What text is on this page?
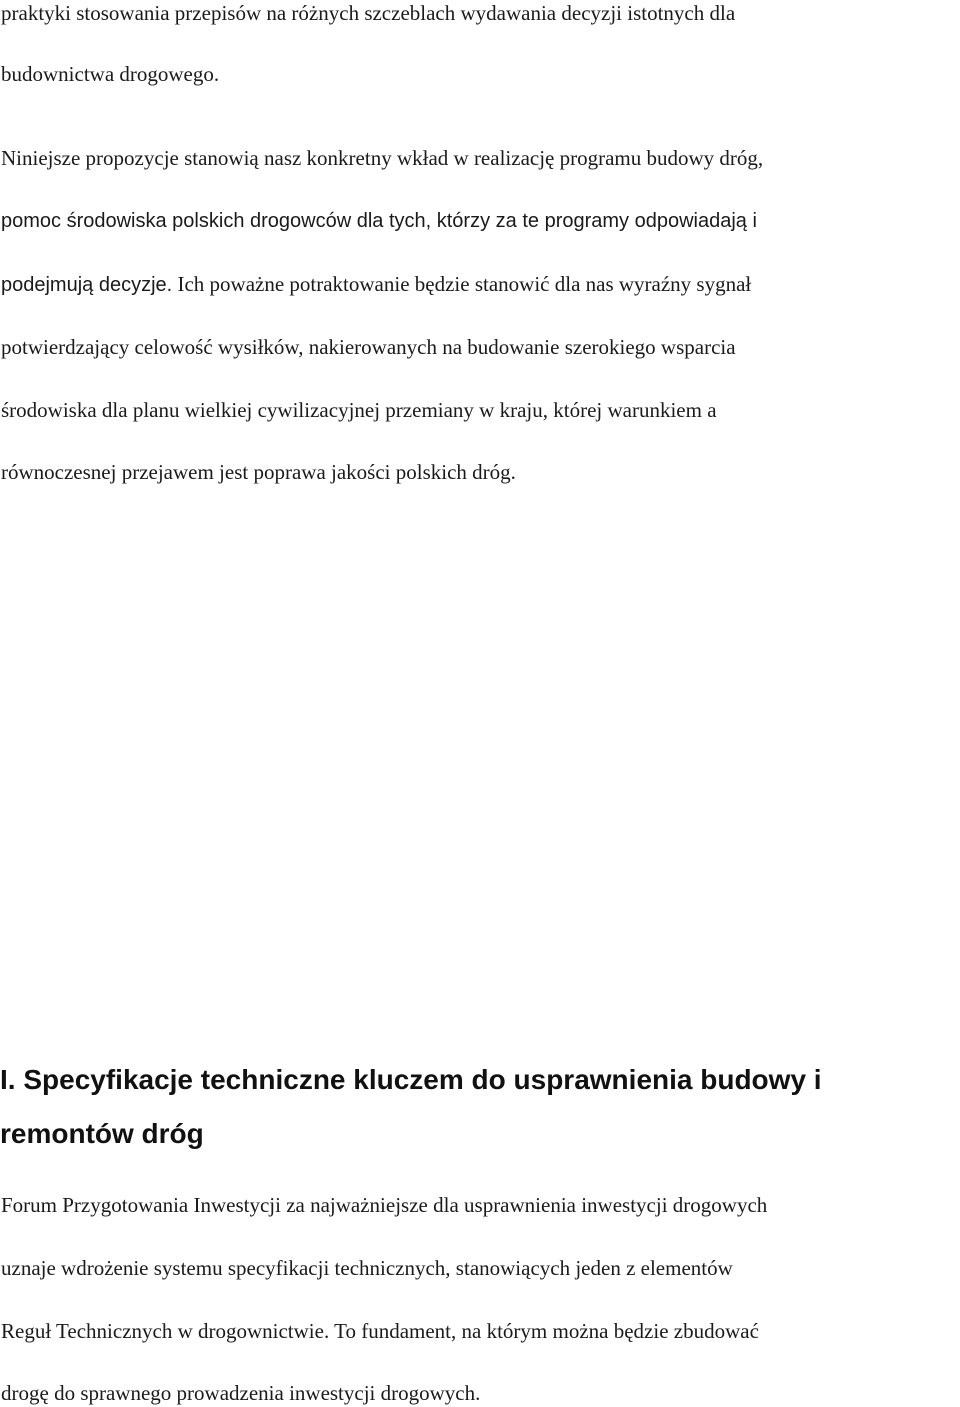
praktyki stosowania przepisów na różnych szczeblach wydawania decyzji istotnych dla
budownictwa drogowego.
Niniejsze propozycje stanowią nasz konkretny wkład w realizację programu budowy dróg,
pomoc środowiska polskich drogowców dla tych, którzy za te programy odpowiadają i
podejmują decyzje. Ich poważne potraktowanie będzie stanowić dla nas wyraźny sygnał
potwierdzający celowość wysiłków, nakierowanych na budowanie szerokiego wsparcia
środowiska dla planu wielkiej cywilizacyjnej przemiany w kraju, której warunkiem a
równoczesnej przejawem jest poprawa jakości polskich dróg.
I. Specyfikacje techniczne kluczem do usprawnienia budowy i
remontów dróg
Forum Przygotowania Inwestycji za najważniejsze dla usprawnienia inwestycji drogowych
uznaje wdrożenie systemu specyfikacji technicznych, stanowiących jeden z elementów
Reguł Technicznych w drogownictwie. To fundament, na którym można będzie zbudować
drogę do sprawnego prowadzenia inwestycji drogowych.
